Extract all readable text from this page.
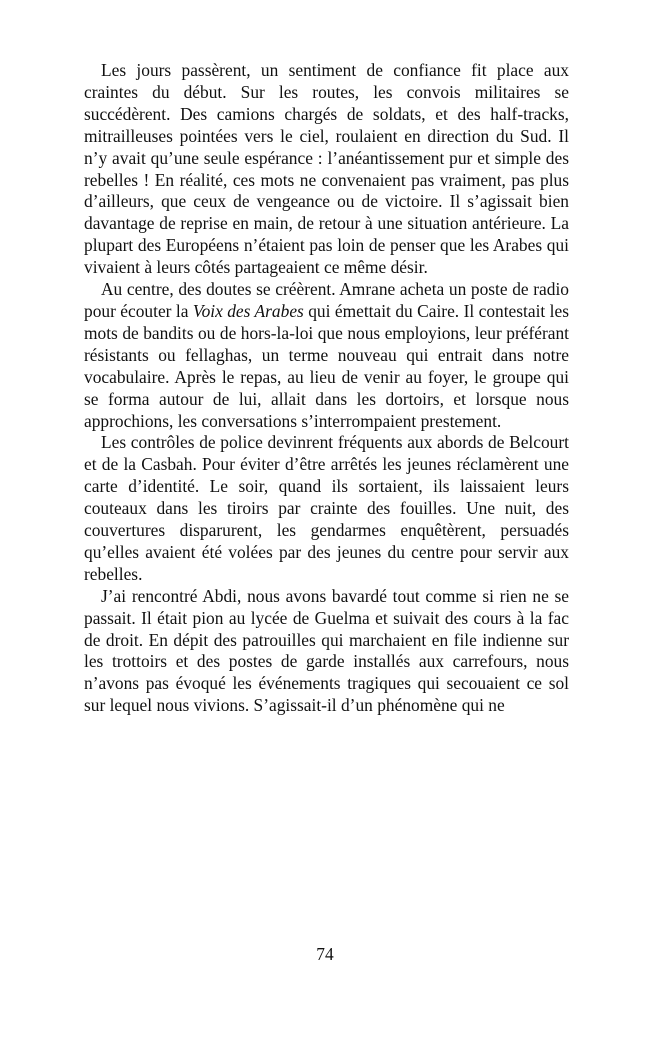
Les jours passèrent, un sentiment de confiance fit place aux craintes du début. Sur les routes, les convois militaires se succédèrent. Des camions chargés de soldats, et des half-tracks, mitrailleuses pointées vers le ciel, roulaient en direction du Sud. Il n’y avait qu’une seule espérance : l’anéantissement pur et simple des rebelles ! En réalité, ces mots ne convenaient pas vraiment, pas plus d’ailleurs, que ceux de vengeance ou de victoire. Il s’agissait bien davantage de reprise en main, de retour à une situation antérieure. La plupart des Européens n’étaient pas loin de penser que les Arabes qui vivaient à leurs côtés partageaient ce même désir.

Au centre, des doutes se créèrent. Amrane acheta un poste de radio pour écouter la Voix des Arabes qui émettait du Caire. Il contestait les mots de bandits ou de hors-la-loi que nous employions, leur préférant résistants ou fellaghas, un terme nouveau qui entrait dans notre vocabulaire. Après le repas, au lieu de venir au foyer, le groupe qui se forma autour de lui, allait dans les dortoirs, et lorsque nous approchions, les conversations s’interrompaient prestement.

Les contrôles de police devinrent fréquents aux abords de Belcourt et de la Casbah. Pour éviter d’être arrêtés les jeunes réclamèrent une carte d’identité. Le soir, quand ils sortaient, ils laissaient leurs couteaux dans les tiroirs par crainte des fouilles. Une nuit, des couvertures disparurent, les gendarmes enquêtèrent, persuadés qu’elles avaient été volées par des jeunes du centre pour servir aux rebelles.

J’ai rencontré Abdi, nous avons bavardé tout comme si rien ne se passait. Il était pion au lycée de Guelma et suivait des cours à la fac de droit. En dépit des patrouilles qui marchaient en file indienne sur les trottoirs et des postes de garde installés aux carrefours, nous n’avons pas évoqué les événements tragiques qui secouaient ce sol sur lequel nous vivions. S’agissait-il d’un phénomène qui ne

74
